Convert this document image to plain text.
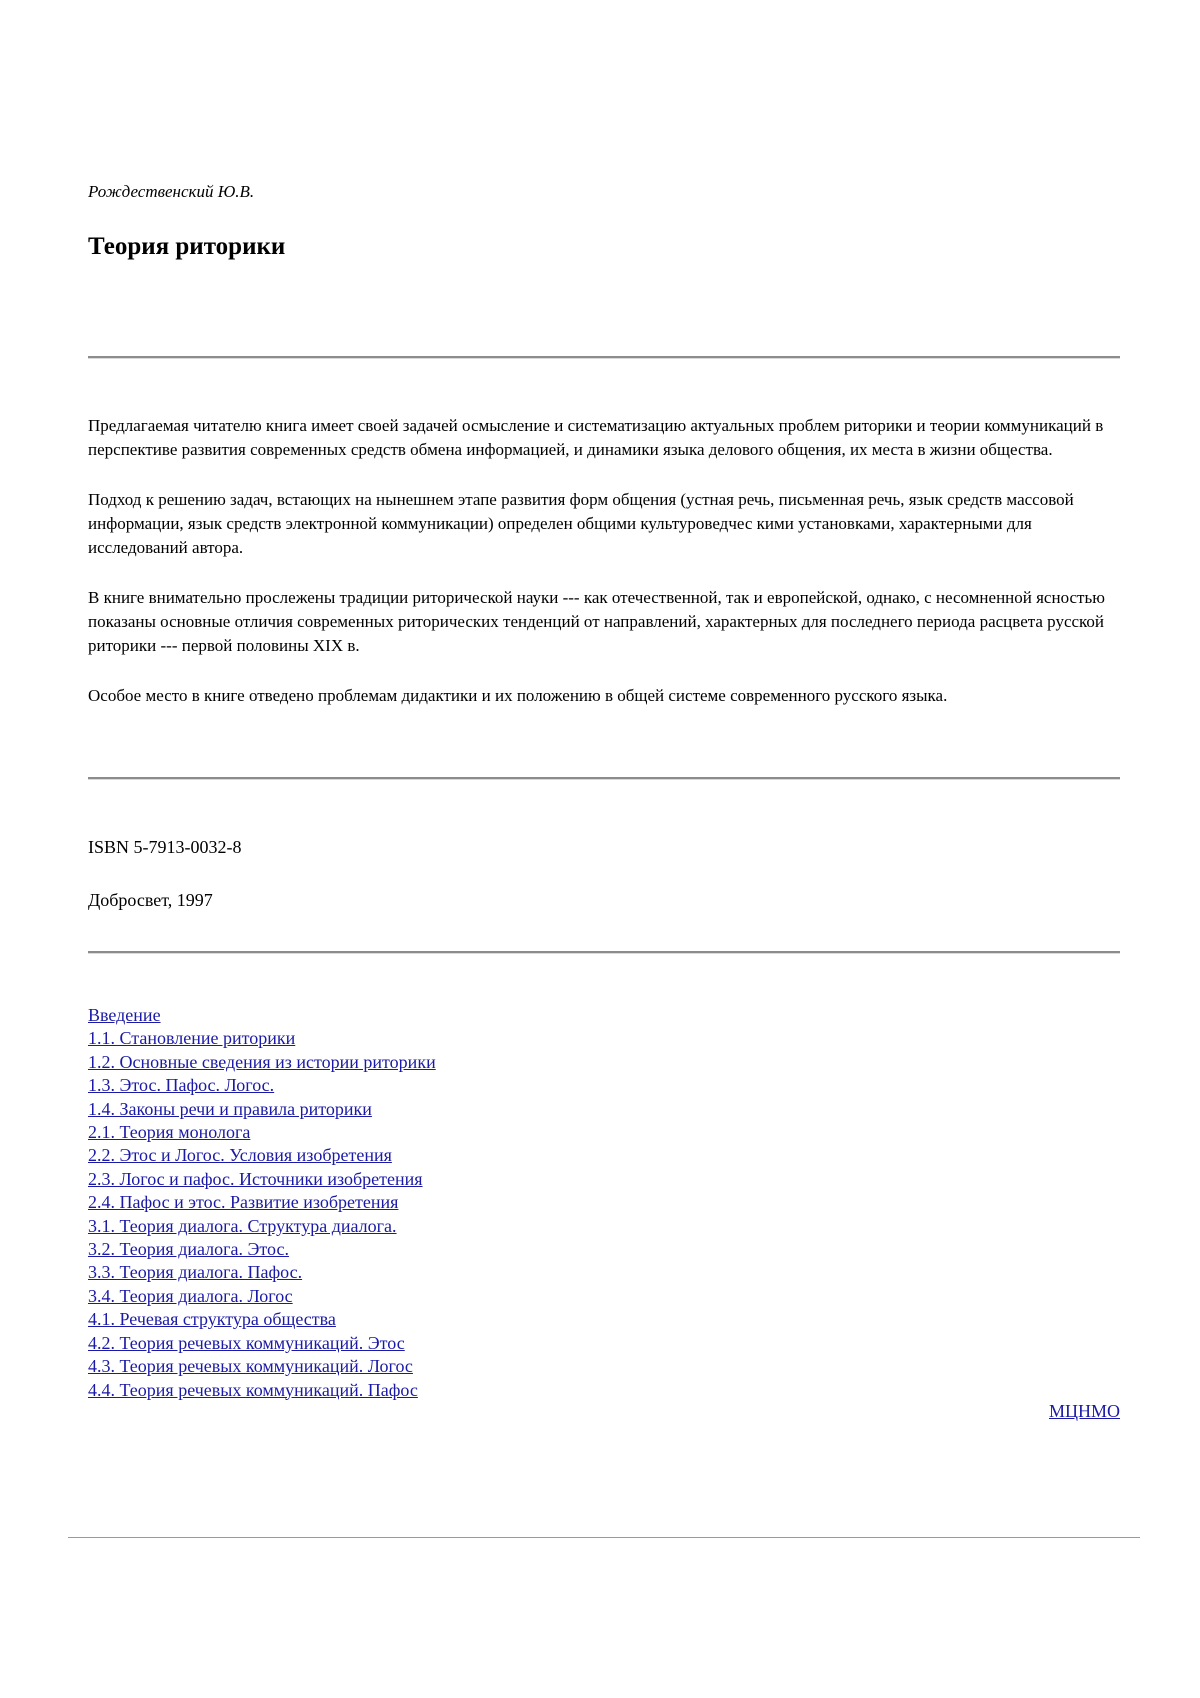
Рождественский Ю.В.

Теория риторики

Предлагаемая читателю книга имеет своей задачей осмысление и систематизацию актуальных проблем риторики и теории коммуникаций в перспективе развития современных средств обмена информацией, и динамики языка делового общения, их места в жизни общества.

Подход к решению задач, встающих на нынешнем этапе развития форм общения (устная речь, письменная речь, язык средств массовой информации, язык средств электронной коммуникации) определен общими культуроведчес кими установками, характерными для исследований автора.

В книге внимательно прослежены традиции риторической науки --- как отечественной, так и европейской, однако, с несомненной ясностью показаны основные отличия современных риторических тенденций от направлений, характерных для последнего периода расцвета русской риторики --- первой половины XIX в.

Особое место в книге отведено проблемам дидактики и их положению в общей системе современного русского языка.

ISBN 5-7913-0032-8

Добросвет, 1997

Введение
1.1. Становление риторики
1.2. Основные сведения из истории риторики
1.3. Этос. Пафос. Логос.
1.4. Законы речи и правила риторики
2.1. Теория монолога
2.2. Этос и Логос. Условия изобретения
2.3. Логос и пафос. Источники изобретения
2.4. Пафос и этос. Развитие изобретения
3.1. Теория диалога. Структура диалога.
3.2. Теория диалога. Этос.
3.3. Теория диалога. Пафос.
3.4. Теория диалога. Логос
4.1. Речевая структура общества
4.2. Теория речевых коммуникаций. Этос
4.3. Теория речевых коммуникаций. Логос
4.4. Теория речевых коммуникаций. Пафос
МЦНМО
